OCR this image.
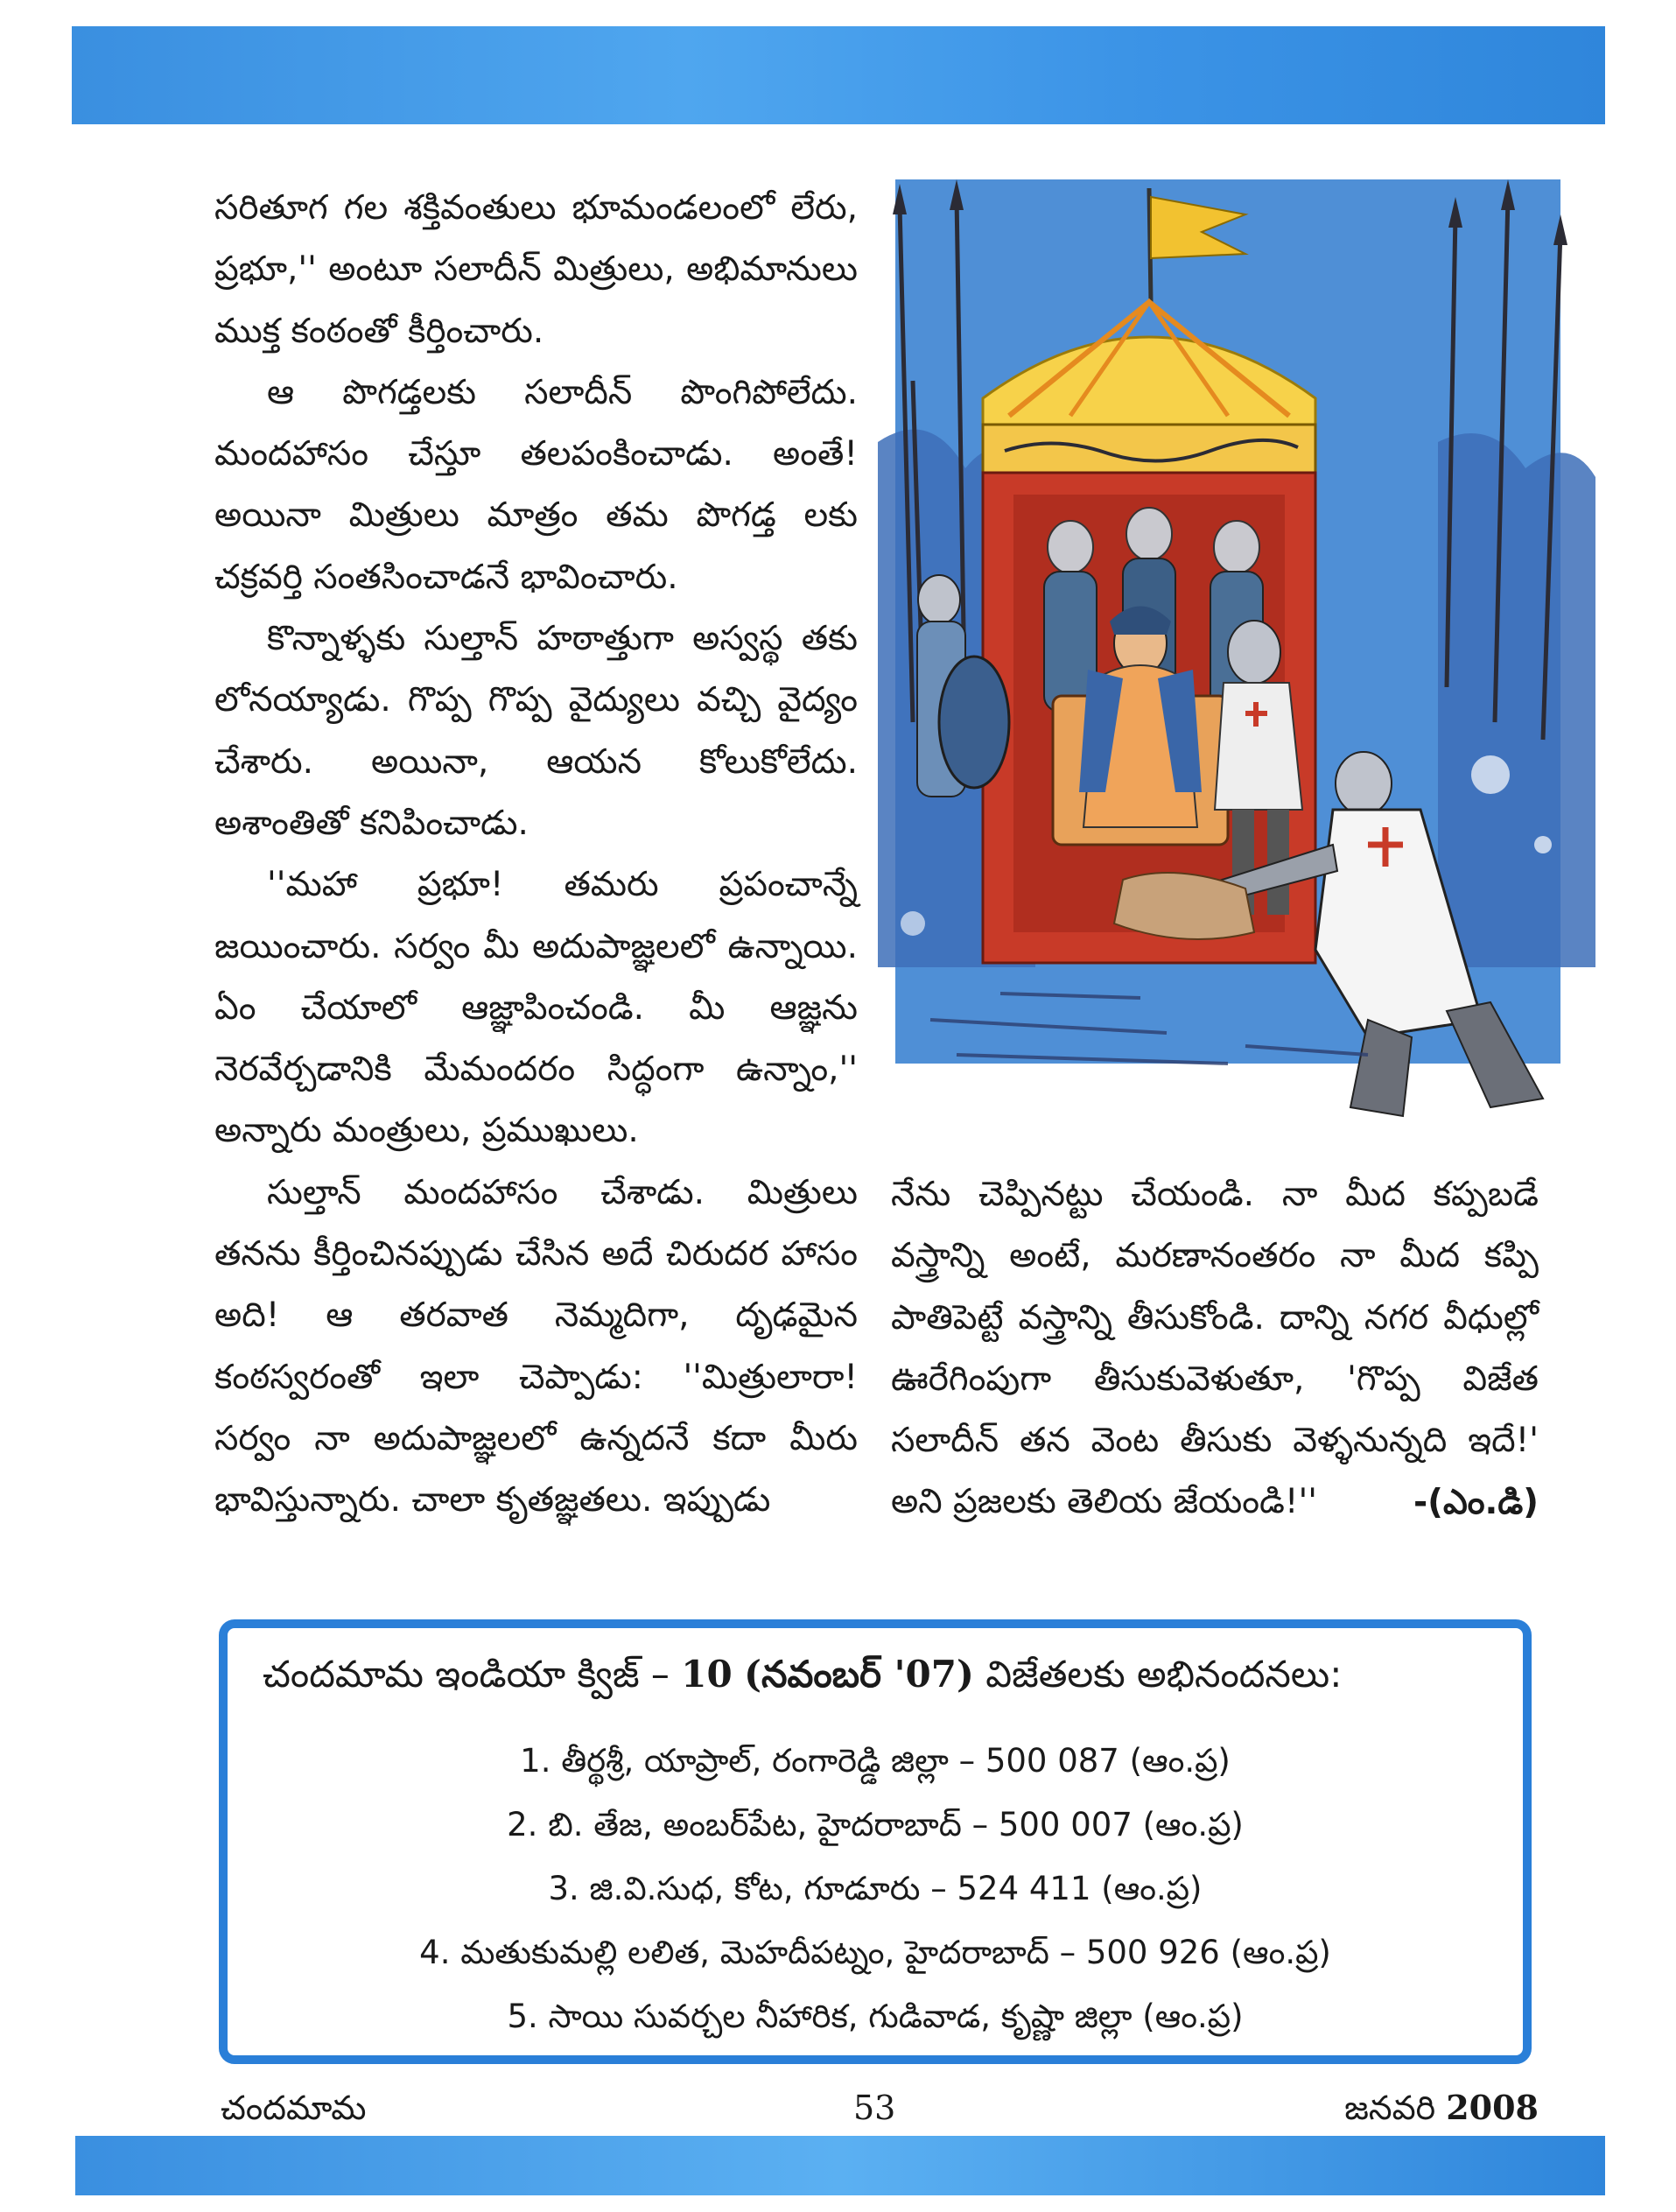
సరితూగ గల శక్తివంతులు భూమండలంలో లేరు, ప్రభూ,'' అంటూ సలాదీన్ మిత్రులు, అభిమానులు ముక్త కంఠంతో కీర్తించారు.

ఆ పొగడ్తలకు సలాదీన్ పొంగిపోలేదు. మందహాసం చేస్తూ తలపంకించాడు. అంతే! అయినా మిత్రులు మాత్రం తమ పొగడ్త లకు చక్రవర్తి సంతసించాడనే భావించారు.

కొన్నాళ్ళకు సుల్తాన్ హఠాత్తుగా అస్వస్థ తకు లోనయ్యాడు. గొప్ప గొప్ప వైద్యులు వచ్చి వైద్యం చేశారు. అయినా, ఆయన కోలుకోలేదు. అశాంతితో కనిపించాడు.

''మహా ప్రభూ! తమరు ప్రపంచాన్నే జయించారు. సర్వం మీ అదుపాజ్ఞలలో ఉన్నాయి. ఏం చేయాలో ఆజ్ఞాపించండి. మీ ఆజ్ఞను నెరవేర్చడానికి మేమందరం సిద్ధంగా ఉన్నాం,'' అన్నారు మంత్రులు, ప్రముఖులు.

సుల్తాన్ మందహాసం చేశాడు. మిత్రులు తనను కీర్తించినప్పుడు చేసిన అదే చిరుదర హాసం అది! ఆ తరవాత నెమ్మదిగా, దృఢమైన కంఠస్వరంతో ఇలా చెప్పాడు: ''మిత్రులారా! సర్వం నా అదుపాజ్ఞలలో ఉన్నదనే కదా మీరు భావిస్తున్నారు. చాలా కృతజ్ఞతలు. ఇప్పుడు

నేను చెప్పినట్టు చేయండి. నా మీద కప్పబడే వస్త్రాన్ని అంటే, మరణానంతరం నా మీద కప్పి పాతిపెట్టే వస్త్రాన్ని తీసుకోండి. దాన్ని నగర వీధుల్లో ఊరేగింపుగా తీసుకువెళుతూ, 'గొప్ప విజేత సలాదీన్ తన వెంట తీసుకు వెళ్ళనున్నది ఇదే!' అని ప్రజలకు తెలియ జేయండి!''	-(ఎం.డి)
చందమామ ఇండియా క్విజ్ – 10 (నవంబర్ '07) విజేతలకు అభినందనలు:
1. తీర్థశ్రీ, యాప్రాల్, రంగారెడ్డి జిల్లా – 500 087 (ఆం.ప్ర)
2. బి. తేజ, అంబర్‌పేట, హైదరాబాద్ – 500 007 (ఆం.ప్ర)
3. జి.వి.సుధ, కోట, గూడూరు – 524 411 (ఆం.ప్ర)
4. మతుకుమల్లి లలిత, మెహదీపట్నం, హైదరాబాద్ – 500 926 (ఆం.ప్ర)
5. సాయి సువర్చల నీహారిక, గుడివాడ, కృష్ణా జిల్లా (ఆం.ప్ర)
చందమామ	53	జనవరి 2008
